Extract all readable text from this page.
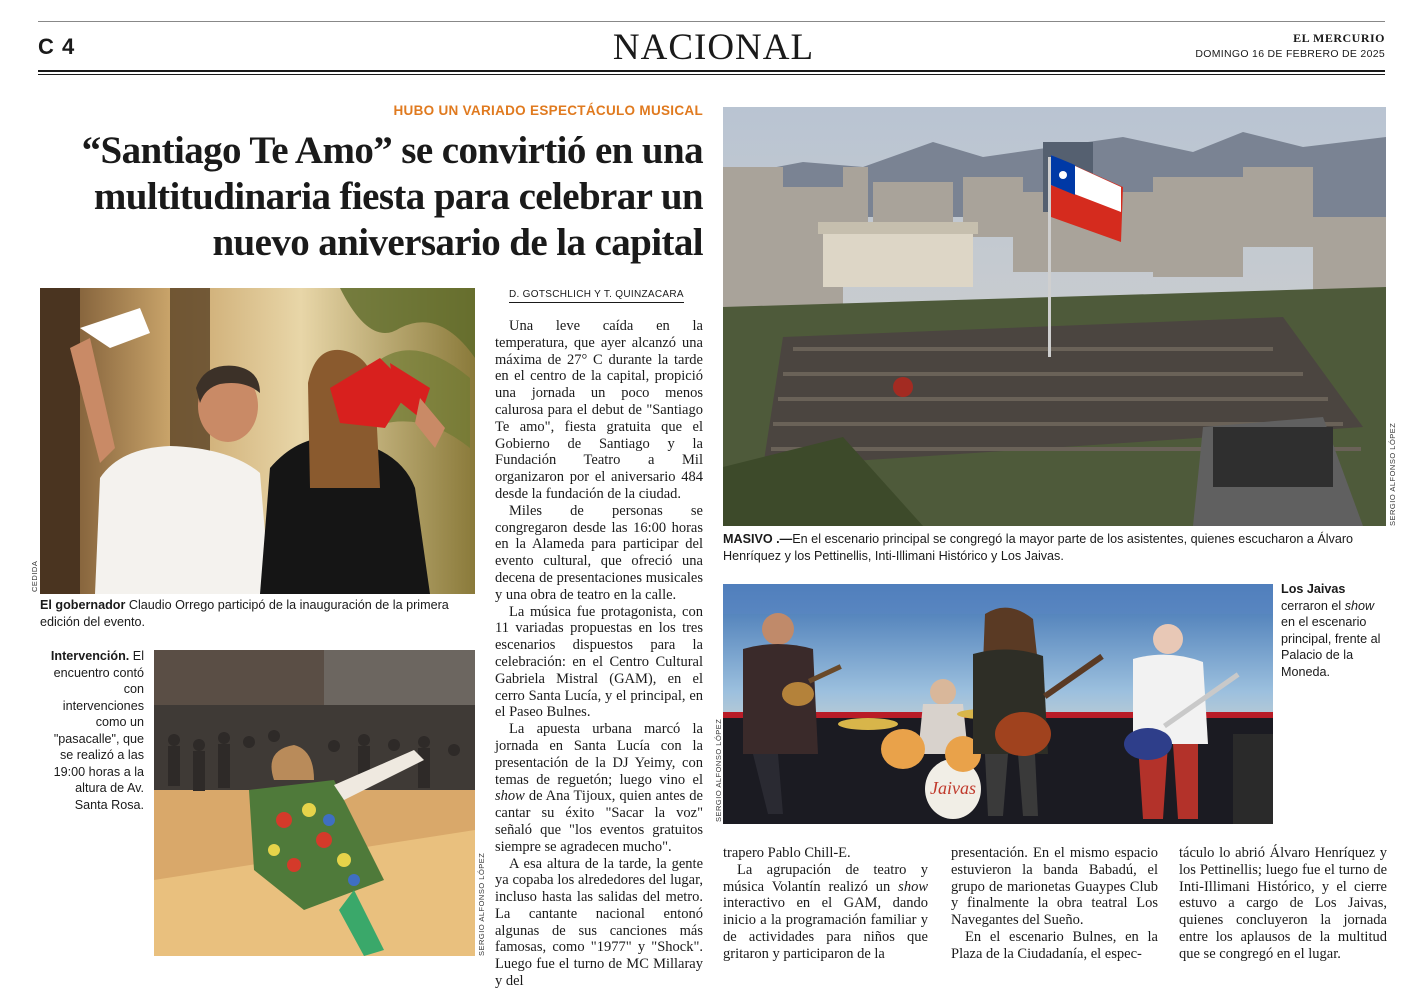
C 4	NACIONAL	EL MERCURIO
DOMINGO 16 DE FEBRERO DE 2025
HUBO UN VARIADO ESPECTÁCULO MUSICAL
“Santiago Te Amo” se convirtió en una multitudinaria fiesta para celebrar un nuevo aniversario de la capital
CEDIDA
El gobernador Claudio Orrego participó de la inauguración de la primera edición del evento.
Intervención. El encuentro contó con intervenciones como un "pasacalle", que se realizó a las 19:00 horas a la altura de Av. Santa Rosa.
SERGIO ALFONSO LÓPEZ
D. GOTSCHLICH Y T. QUINZACARA

Una leve caída en la temperatura, que ayer alcanzó una máxima de 27° C durante la tarde en el centro de la capital, propició una jornada un poco menos calurosa para el debut de "Santiago Te amo", fiesta gratuita que el Gobierno de Santiago y la Fundación Teatro a Mil organizaron por el aniversario 484 desde la fundación de la ciudad.

Miles de personas se congregaron desde las 16:00 horas en la Alameda para participar del evento cultural, que ofreció una decena de presentaciones musicales y una obra de teatro en la calle.

La música fue protagonista, con 11 variadas propuestas en los tres escenarios dispuestos para la celebración: en el Centro Cultural Gabriela Mistral (GAM), en el cerro Santa Lucía, y el principal, en el Paseo Bulnes.

La apuesta urbana marcó la jornada en Santa Lucía con la presentación de la DJ Yeimy, con temas de reguetón; luego vino el show de Ana Tijoux, quien antes de cantar su éxito "Sacar la voz" señaló que "los eventos gratuitos siempre se agradecen mucho".

A esa altura de la tarde, la gente ya copaba los alrededores del lugar, incluso hasta las salidas del metro. La cantante nacional entonó algunas de sus canciones más famosas, como "1977" y "Shock". Luego fue el turno de MC Millaray y del

SERGIO ALFONSO LÓPEZ
MASIVO .—En el escenario principal se congregó la mayor parte de los asistentes, quienes escucharon a Álvaro Henríquez y los Pettinellis, Inti-Illimani Histórico y Los Jaivas.
Jaivas
SERGIO ALFONSO LÓPEZ
Los Jaivas cerraron el show en el escenario principal, frente al Palacio de la Moneda.
trapero Pablo Chill-E.

La agrupación de teatro y música Volantín realizó un show interactivo en el GAM, dando inicio a la programación familiar y de actividades para niños que gritaron y participaron de la

presentación. En el mismo espacio estuvieron la banda Babadú, el grupo de marionetas Guaypes Club y finalmente la obra teatral Los Navegantes del Sueño.

En el escenario Bulnes, en la Plaza de la Ciudadanía, el espec-

táculo lo abrió Álvaro Henríquez y los Pettinellis; luego fue el turno de Inti-Illimani Histórico, y el cierre estuvo a cargo de Los Jaivas, quienes concluyeron la jornada entre los aplausos de la multitud que se congregó en el lugar.
